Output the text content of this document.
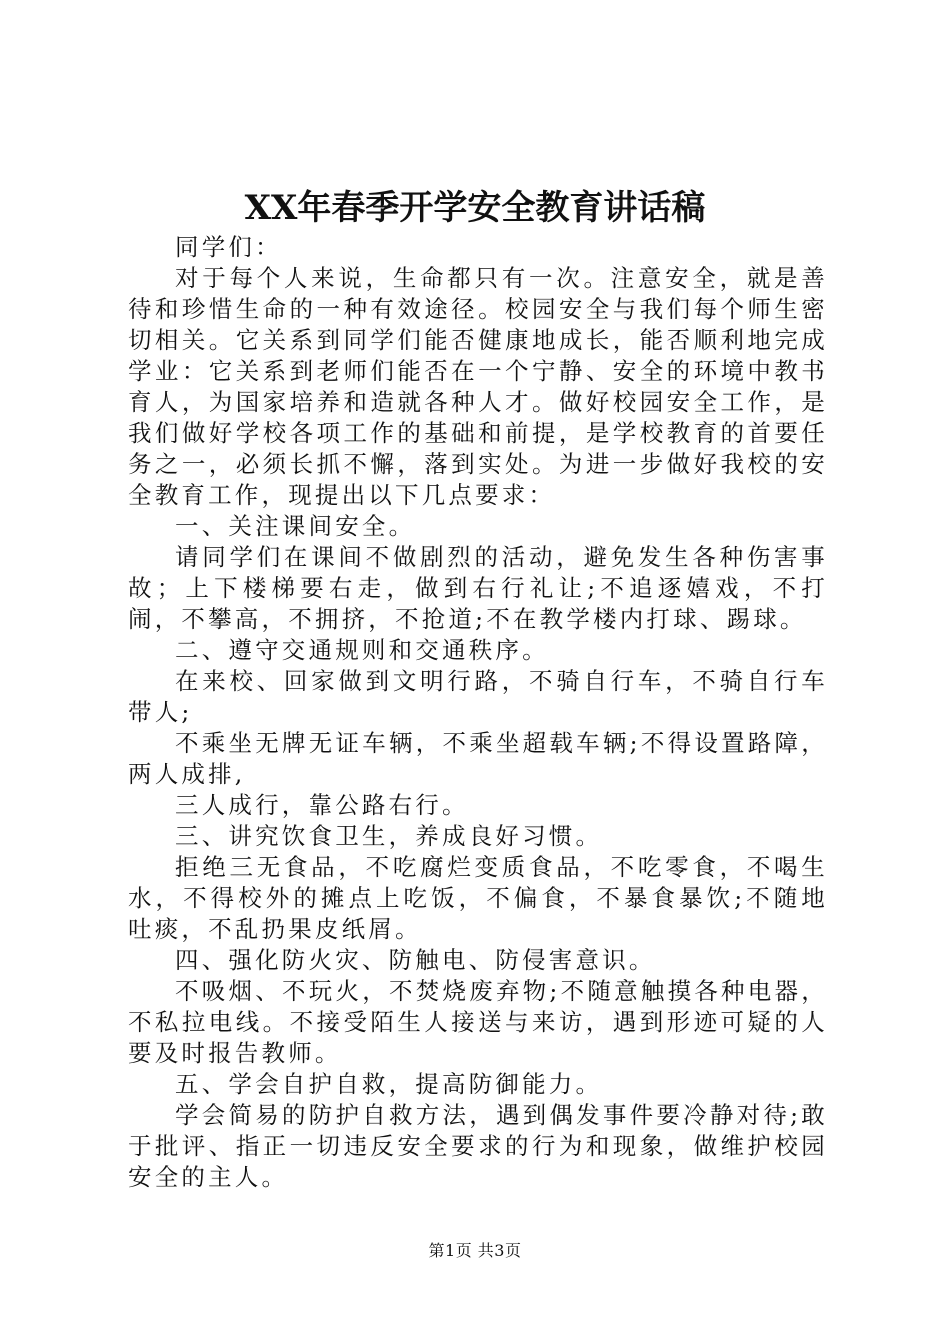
XX年春季开学安全教育讲话稿

同学们：

对于每个人来说，生命都只有一次。注意安全，就是善待和珍惜生命的一种有效途径。校园安全与我们每个师生密切相关。它关系到同学们能否健康地成长，能否顺利地完成学业：它关系到老师们能否在一个宁静、安全的环境中教书育人，为国家培养和造就各种人才。做好校园安全工作，是我们做好学校各项工作的基础和前提，是学校教育的首要任务之一，必须长抓不懈，落到实处。为进一步做好我校的安全教育工作，现提出以下几点要求：

一、关注课间安全。

请同学们在课间不做剧烈的活动，避免发生各种伤害事故；上下楼梯要右走，做到右行礼让;不追逐嬉戏，不打闹，不攀高，不拥挤，不抢道;不在教学楼内打球、踢球。

二、遵守交通规则和交通秩序。

在来校、回家做到文明行路，不骑自行车，不骑自行车带人;

不乘坐无牌无证车辆，不乘坐超载车辆;不得设置路障，两人成排,

三人成行，靠公路右行。

三、讲究饮食卫生，养成良好习惯。

拒绝三无食品，不吃腐烂变质食品，不吃零食，不喝生水，不得校外的摊点上吃饭，不偏食，不暴食暴饮;不随地吐痰，不乱扔果皮纸屑。

四、强化防火灾、防触电、防侵害意识。

不吸烟、不玩火，不焚烧废弃物;不随意触摸各种电器，不私拉电线。不接受陌生人接送与来访，遇到形迹可疑的人要及时报告教师。

五、学会自护自救，提高防御能力。

学会简易的防护自救方法，遇到偶发事件要冷静对待;敢于批评、指正一切违反安全要求的行为和现象，做维护校园安全的主人。

第1页 共3页
